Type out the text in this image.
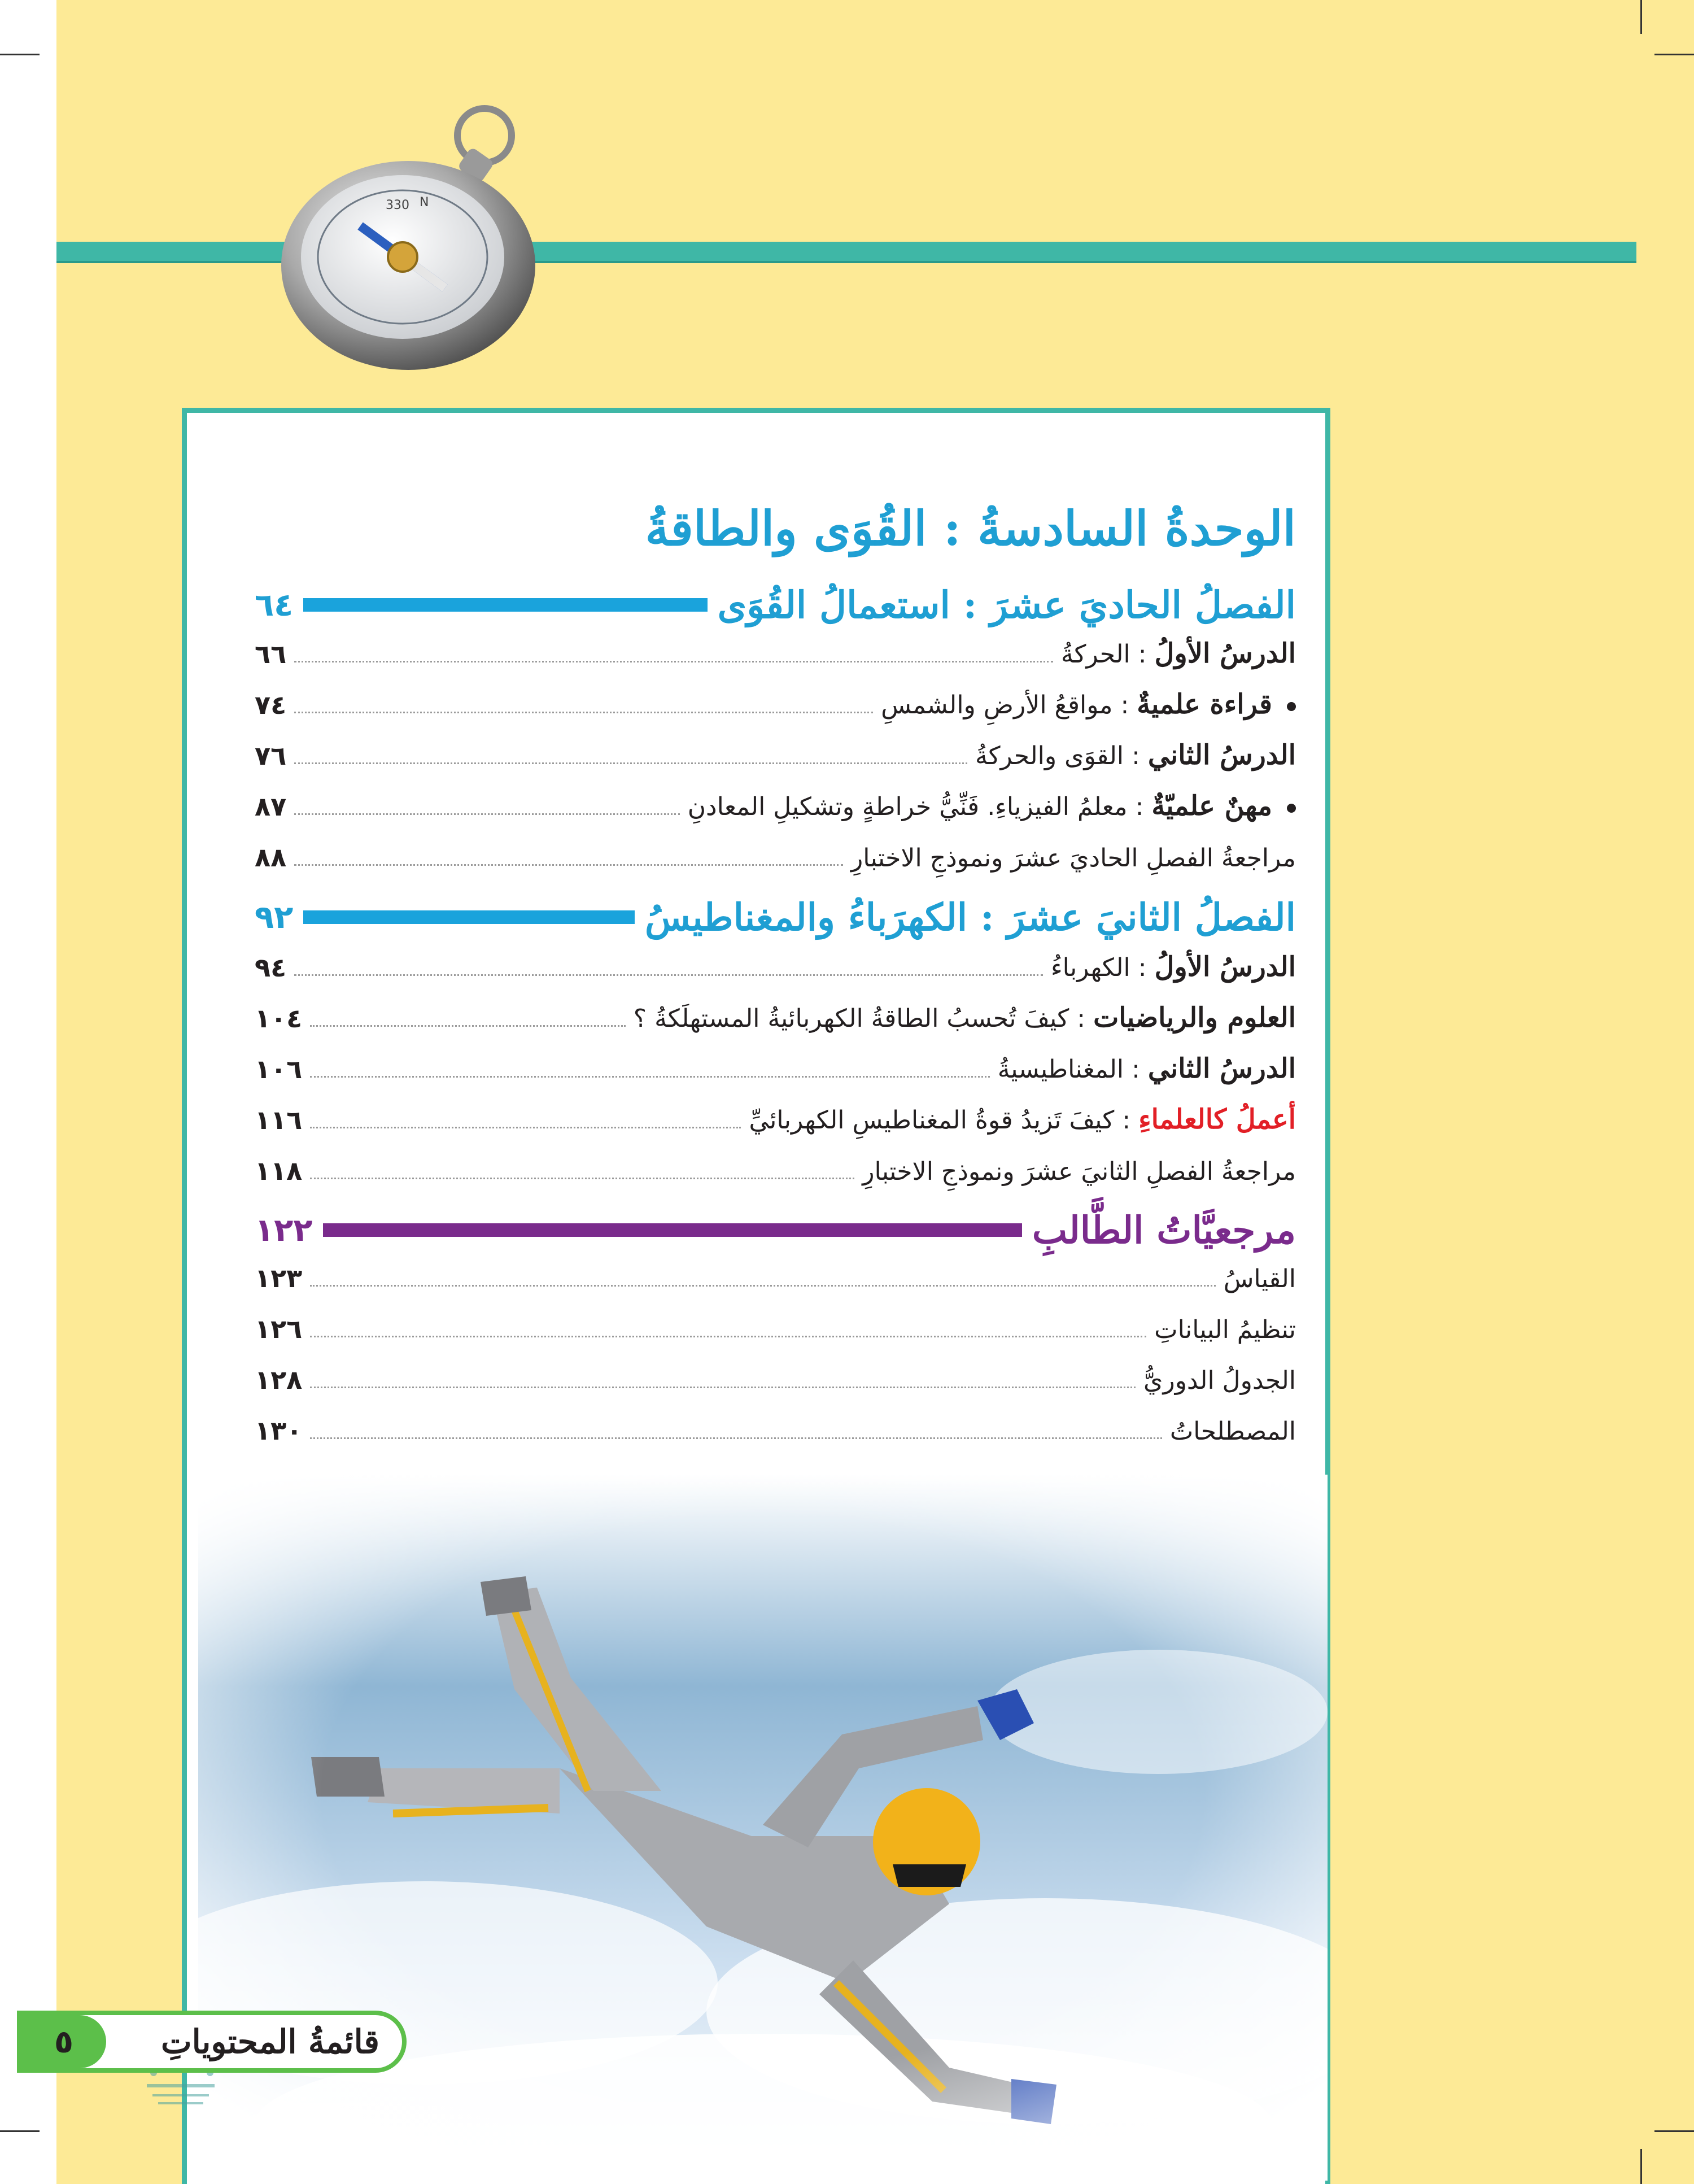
330 N
الوحدةُ السادسةُ : القُوَى والطاقةُ
الفصلُ الحاديَ عشرَ : استعمالُ القُوَى
٦٤
الدرسُ الأولُ : الحركةُ
٦٦
قراءة علميةٌ : مواقعُ الأرضِ والشمسِ
٧٤
الدرسُ الثاني : القوَى والحركةُ
٧٦
مهنٌ علميّةٌ : معلمُ الفيزياءِ. فَنِّيُّ خراطةٍ وتشكيلِ المعادنِ
٨٧
مراجعةُ الفصلِ الحاديَ عشرَ ونموذجِ الاختبارِ
٨٨
الفصلُ الثانيَ عشرَ : الكهرَباءُ والمغناطيسُ
٩٢
الدرسُ الأولُ : الكهرباءُ
٩٤
العلوم والرياضيات : كيفَ تُحسبُ الطاقةُ الكهربائيةُ المستهلَكةُ ؟
١٠٤
الدرسُ الثاني : المغناطيسيةُ
١٠٦
أعملُ كالعلماءِ : كيفَ تَزيدُ قوةُ المغناطيسِ الكهربائيِّ
١١٦
مراجعةُ الفصلِ الثانيَ عشرَ ونموذجِ الاختبارِ
١١٨
مرجعيَّاتُ الطَّالبِ
١٢٢
القياسُ
١٢٣
تنظيمُ البياناتِ
١٢٦
الجدولُ الدوريُّ
١٢٨
المصطلحاتُ
١٣٠
قائمةُ المحتوياتِ
٥
